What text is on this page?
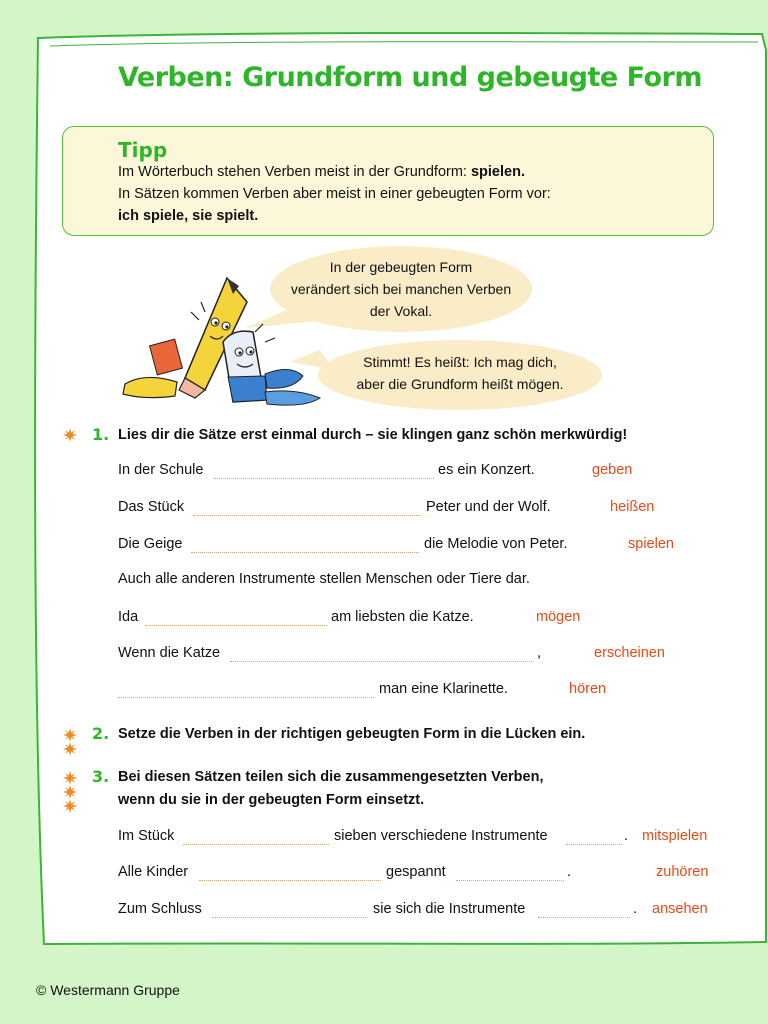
Verben: Grundform und gebeugte Form
Tipp
Im Wörterbuch stehen Verben meist in der Grundform: spielen.
In Sätzen kommen Verben aber meist in einer gebeugten Form vor:
ich spiele, sie spielt.
In der gebeugten Form
verändert sich bei manchen Verben
der Vokal.
Stimmt! Es heißt: Ich mag dich,
aber die Grundform heißt mögen.
1. Lies dir die Sätze erst einmal durch – sie klingen ganz schön merkwürdig!
In der Schule	es ein Konzert.	geben
Das Stück	Peter und der Wolf.	heißen
Die Geige	die Melodie von Peter.	spielen
Auch alle anderen Instrumente stellen Menschen oder Tiere dar.
Ida	am liebsten die Katze.	mögen
Wenn die Katze	,	erscheinen
man eine Klarinette.	hören
2. Setze die Verben in der richtigen gebeugten Form in die Lücken ein.
3. Bei diesen Sätzen teilen sich die zusammengesetzten Verben,
wenn du sie in der gebeugten Form einsetzt.
Im Stück	sieben verschiedene Instrumente	. mitspielen
Alle Kinder	gespannt	.	zuhören
Zum Schluss	sie sich die Instrumente	. ansehen
© Westermann Gruppe
